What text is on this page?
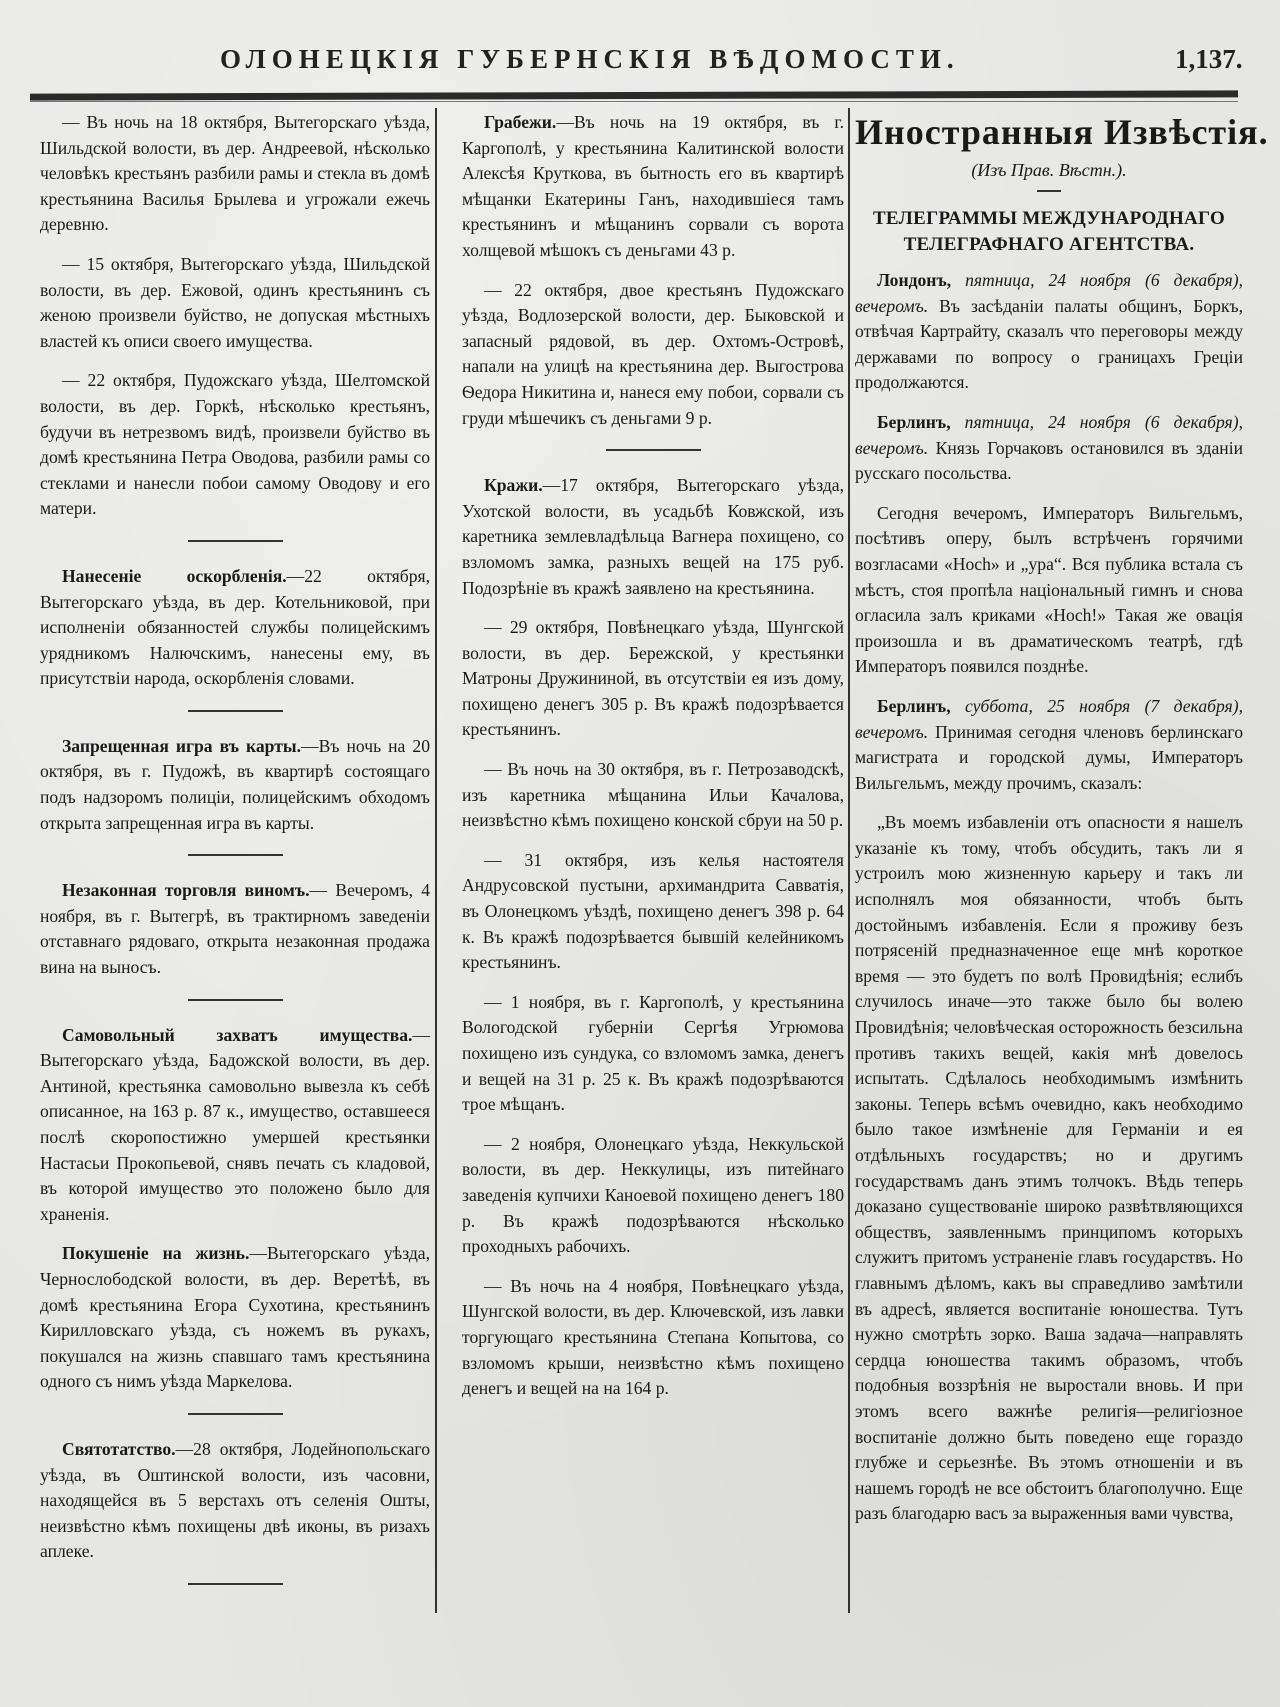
ОЛОНЕЦКІЯ ГУБЕРНСКІЯ ВѢДОМОСТИ.	1,137.

— Въ ночь на 18 октября, Вытегорскаго уѣзда, Шильдской волости, въ дер. Андреевой, нѣсколько человѣкъ крестьянъ разбили рамы и стекла въ домѣ крестьянина Василья Брылева и угрожали ежечь деревню.

— 15 октября, Вытегорскаго уѣзда, Шильдской волости, въ дер. Ежовой, одинъ крестьянинъ съ женою произвели буйство, не допуская мѣстныхъ властей къ описи своего имущества.

— 22 октября, Пудожскаго уѣзда, Шелтомской волости, въ дер. Горкѣ, нѣсколько крестьянъ, будучи въ нетрезвомъ видѣ, произвели буйство въ домѣ крестьянина Петра Оводова, разбили рамы со стеклами и нанесли побои самому Оводову и его матери.

Нанесеніе оскорбленія.—22 октября, Вытегорскаго уѣзда, въ дер. Котельниковой, при исполненіи обязанностей службы полицейскимъ урядникомъ Налючскимъ, нанесены ему, въ присутствіи народа, оскорбленія словами.

Запрещенная игра въ карты.—Въ ночь на 20 октября, въ г. Пудожѣ, въ квартирѣ состоящаго подъ надзоромъ полиціи, полицейскимъ обходомъ открыта запрещенная игра въ карты.

Незаконная торговля виномъ.— Вечеромъ, 4 ноября, въ г. Вытегрѣ, въ трактирномъ заведеніи отставнаго рядоваго, открыта незаконная продажа вина на выносъ.

Самовольный захватъ имущества.—Вытегорскаго уѣзда, Бадожской волости, въ дер. Антиной, крестьянка самовольно вывезла къ себѣ описанное, на 163 р. 87 к., имущество, оставшееся послѣ скоропостижно умершей крестьянки Настасьи Прокопьевой, снявъ печать съ кладовой, въ которой имущество это положено было для храненія.

Покушеніе на жизнь.—Вытегорскаго уѣзда, Чернослободской волости, въ дер. Веретѣѣ, въ домѣ крестьянина Егора Сухотина, крестьянинъ Кирилловскаго уѣзда, съ ножемъ въ рукахъ, покушался на жизнь спавшаго тамъ крестьянина одного съ нимъ уѣзда Маркелова.

Святотатство.—28 октября, Лодейнопольскаго уѣзда, въ Оштинской волости, изъ часовни, находящейся въ 5 верстахъ отъ селенія Ошты, неизвѣстно кѣмъ похищены двѣ иконы, въ ризахъ аплеке.

Грабежи.—Въ ночь на 19 октября, въ г. Каргополѣ, у крестьянина Калитинской волости Алексѣя Круткова, въ бытность его въ квартирѣ мѣщанки Екатерины Ганъ, находившіеся тамъ крестьянинъ и мѣщанинъ сорвали съ ворота холщевой мѣшокъ съ деньгами 43 р.

— 22 октября, двое крестьянъ Пудожскаго уѣзда, Водлозерской волости, дер. Быковской и запасный рядовой, въ дер. Охтомъ-Островѣ, напали на улицѣ на крестьянина дер. Выгострова Ѳедора Никитина и, нанеся ему побои, сорвали съ груди мѣшечикъ съ деньгами 9 р.

Кражи.—17 октября, Вытегорскаго уѣзда, Ухотской волости, въ усадьбѣ Ковжской, изъ каретника землевладѣльца Вагнера похищено, со взломомъ замка, разныхъ вещей на 175 руб. Подозрѣніе въ кражѣ заявлено на крестьянина.

— 29 октября, Повѣнецкаго уѣзда, Шунгской волости, въ дер. Бережской, у крестьянки Матроны Дружининой, въ отсутствіи ея изъ дому, похищено денегъ 305 р. Въ кражѣ подозрѣвается крестьянинъ.

— Въ ночь на 30 октября, въ г. Петрозаводскѣ, изъ каретника мѣщанина Ильи Качалова, неизвѣстно кѣмъ похищено конской сбруи на 50 р.

— 31 октября, изъ келья настоятеля Андрусовской пустыни, архимандрита Савватія, въ Олонецкомъ уѣздѣ, похищено денегъ 398 р. 64 к. Въ кражѣ подозрѣвается бывшій келейникомъ крестьянинъ.

— 1 ноября, въ г. Каргополѣ, у крестьянина Вологодской губерніи Сергѣя Угрюмова похищено изъ сундука, со взломомъ замка, денегъ и вещей на 31 р. 25 к. Въ кражѣ подозрѣваются трое мѣщанъ.

— 2 ноября, Олонецкаго уѣзда, Неккульской волости, въ дер. Неккулицы, изъ питейнаго заведенія купчихи Каноевой похищено денегъ 180 р. Въ кражѣ подозрѣваются нѣсколько проходныхъ рабочихъ.

— Въ ночь на 4 ноября, Повѣнецкаго уѣзда, Шунгской волости, въ дер. Ключевской, изъ лавки торгующаго крестьянина Степана Копытова, со взломомъ крыши, неизвѣстно кѣмъ похищено денегъ и вещей на на 164 р.

Иностранныя Извѣстія.
(Изъ Прав. Вѣстн.).
ТЕЛЕГРАММЫ МЕЖДУНАРОДНАГО ТЕЛЕГРАФНАГО АГЕНТСТВА.

Лондонъ, пятница, 24 ноября (6 декабря), вечеромъ. Въ засѣданіи палаты общинъ, Боркъ, отвѣчая Картрайту, сказалъ что переговоры между державами по вопросу о границахъ Греціи продолжаются.

Берлинъ, пятница, 24 ноября (6 декабря), вечеромъ. Князь Горчаковъ остановился въ зданіи русскаго посольства.

Сегодня вечеромъ, Императоръ Вильгельмъ, посѣтивъ оперу, былъ встрѣченъ горячими возгласами «Hoch» и „ура“. Вся публика встала съ мѣстъ, стоя пропѣла національный гимнъ и снова огласила залъ криками «Hoch!» Такая же овація произошла и въ драматическомъ театрѣ, гдѣ Императоръ появился позднѣе.

Берлинъ, суббота, 25 ноября (7 декабря), вечеромъ. Принимая сегодня членовъ берлинскаго магистрата и городской думы, Императоръ Вильгельмъ, между прочимъ, сказалъ:

„Въ моемъ избавленіи отъ опасности я нашелъ указаніе къ тому, чтобъ обсудить, такъ ли я устроилъ мою жизненную карьеру и такъ ли исполнялъ моя обязанности, чтобъ быть достойнымъ избавленія. Если я проживу безъ потрясеній предназначенное еще мнѣ короткое время — это будетъ по волѣ Провидѣнія; еслибъ случилось иначе—это также было бы волею Провидѣнія; человѣческая осторожность безсильна противъ такихъ вещей, какія мнѣ довелось испытать. Сдѣлалось необходимымъ измѣнить законы. Теперь всѣмъ очевидно, какъ необходимо было такое измѣненіе для Германіи и ея отдѣльныхъ государствъ; но и другимъ государствамъ данъ этимъ толчокъ. Вѣдь теперь доказано существованіе широко развѣтвляющихся обществъ, заявленнымъ принципомъ которыхъ служитъ притомъ устраненіе главъ государствъ. Но главнымъ дѣломъ, какъ вы справедливо замѣтили въ адресѣ, является воспитаніе юношества. Тутъ нужно смотрѣть зорко. Ваша задача—направлять сердца юношества такимъ образомъ, чтобъ подобныя воззрѣнія не выростали вновь. И при этомъ всего важнѣе религія—религіозное воспитаніе должно быть поведено еще гораздо глубже и серьезнѣе. Въ этомъ отношеніи и въ нашемъ городѣ не все обстоитъ благополучно. Еще разъ благодарю васъ за выраженныя вами чувства,
